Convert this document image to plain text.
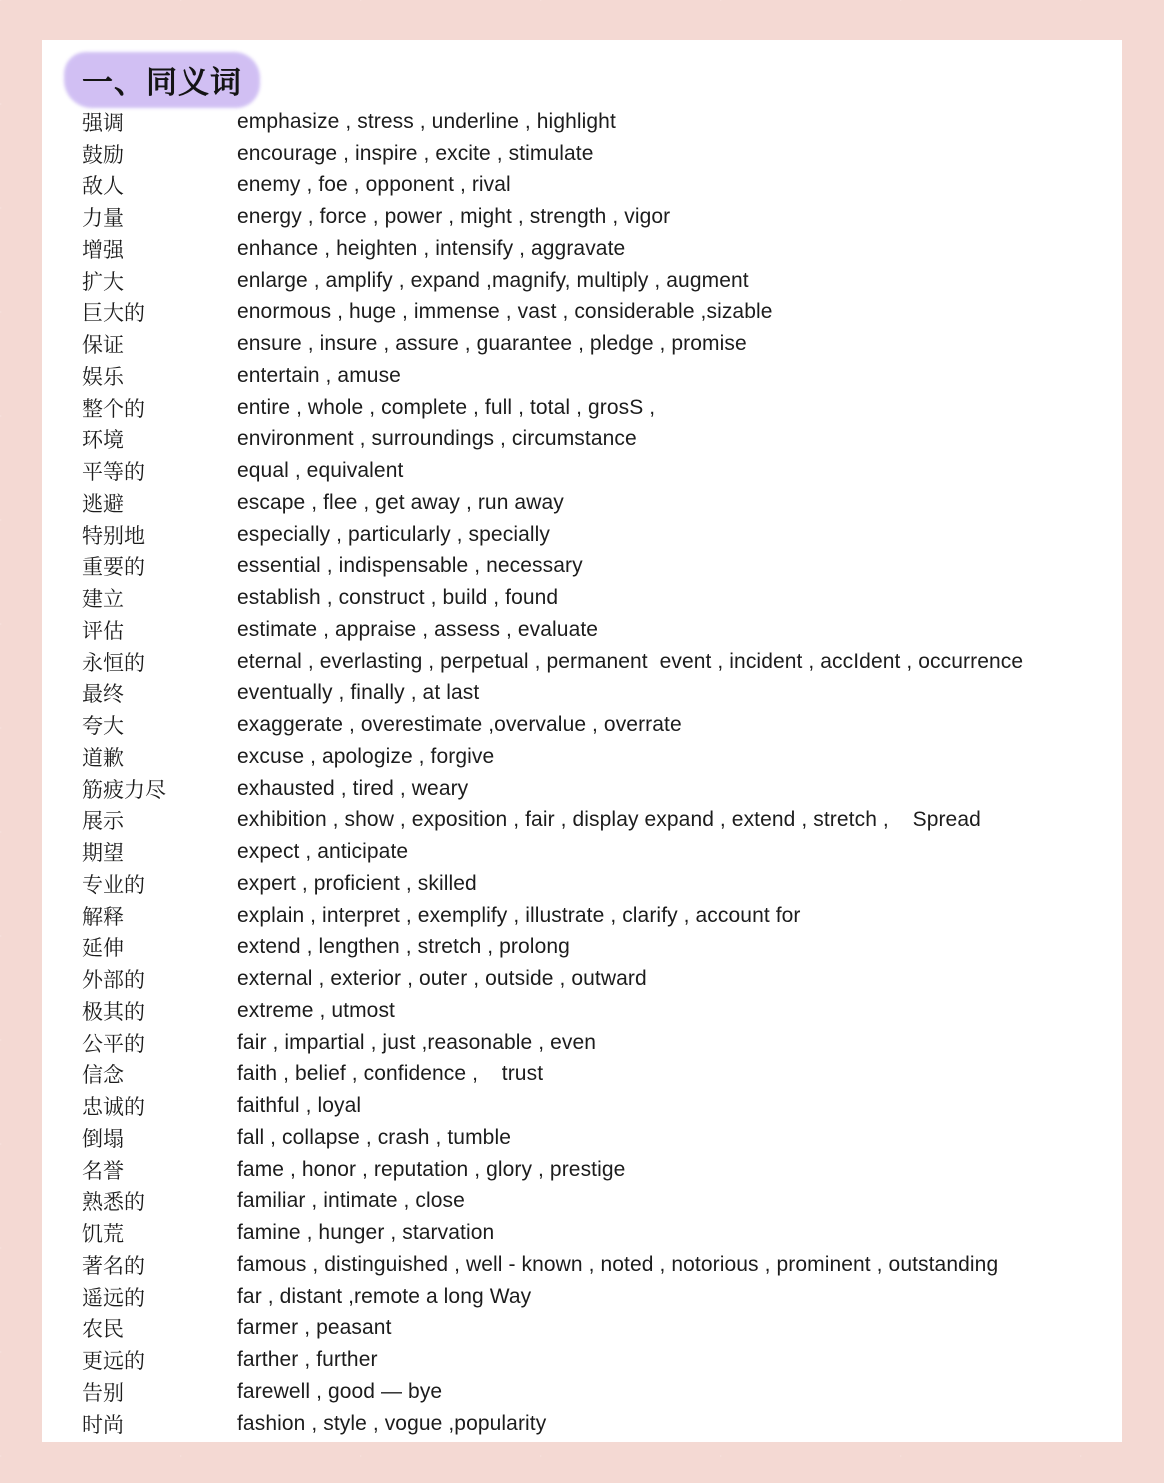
一、同义词
强调	emphasize , stress , underline , highlight
鼓励	encourage , inspire , excite , stimulate
敌人	enemy , foe , opponent , rival
力量	energy , force , power , might , strength , vigor
增强	enhance , heighten , intensify , aggravate
扩大	enlarge , amplify , expand ,magnify, multiply , augment
巨大的	enormous , huge , immense , vast , considerable ,sizable
保证	ensure , insure , assure , guarantee , pledge , promise
娱乐	entertain , amuse
整个的	entire , whole , complete , full , total , grosS ,
环境	environment , surroundings , circumstance
平等的	equal , equivalent
逃避	escape , flee , get away , run away
特别地	especially , particularly , specially
重要的	essential , indispensable , necessary
建立	establish , construct , build , found
评估	estimate , appraise , assess , evaluate
永恒的	eternal , everlasting , perpetual , permanent  event , incident , accIdent , occurrence
最终	eventually , finally , at last
夸大	exaggerate , overestimate ,overvalue , overrate
道歉	excuse , apologize , forgive
筋疲力尽	exhausted , tired , weary
展示	exhibition , show , exposition , fair , display expand , extend , stretch ,    Spread
期望	expect , anticipate
专业的	expert , proficient , skilled
解释	explain , interpret , exemplify , illustrate , clarify , account for
延伸	extend , lengthen , stretch , prolong
外部的	external , exterior , outer , outside , outward
极其的	extreme , utmost
公平的	fair , impartial , just ,reasonable , even
信念	faith , belief , confidence ,    trust
忠诚的	faithful , loyal
倒塌	fall , collapse , crash , tumble
名誉	fame , honor , reputation , glory , prestige
熟悉的	familiar , intimate , close
饥荒	famine , hunger , starvation
著名的	famous , distinguished , well - known , noted , notorious , prominent , outstanding
遥远的	far , distant ,remote a long Way
农民	farmer , peasant
更远的	farther , further
告别	farewell , good — bye
时尚	fashion , style , vogue ,popularity
